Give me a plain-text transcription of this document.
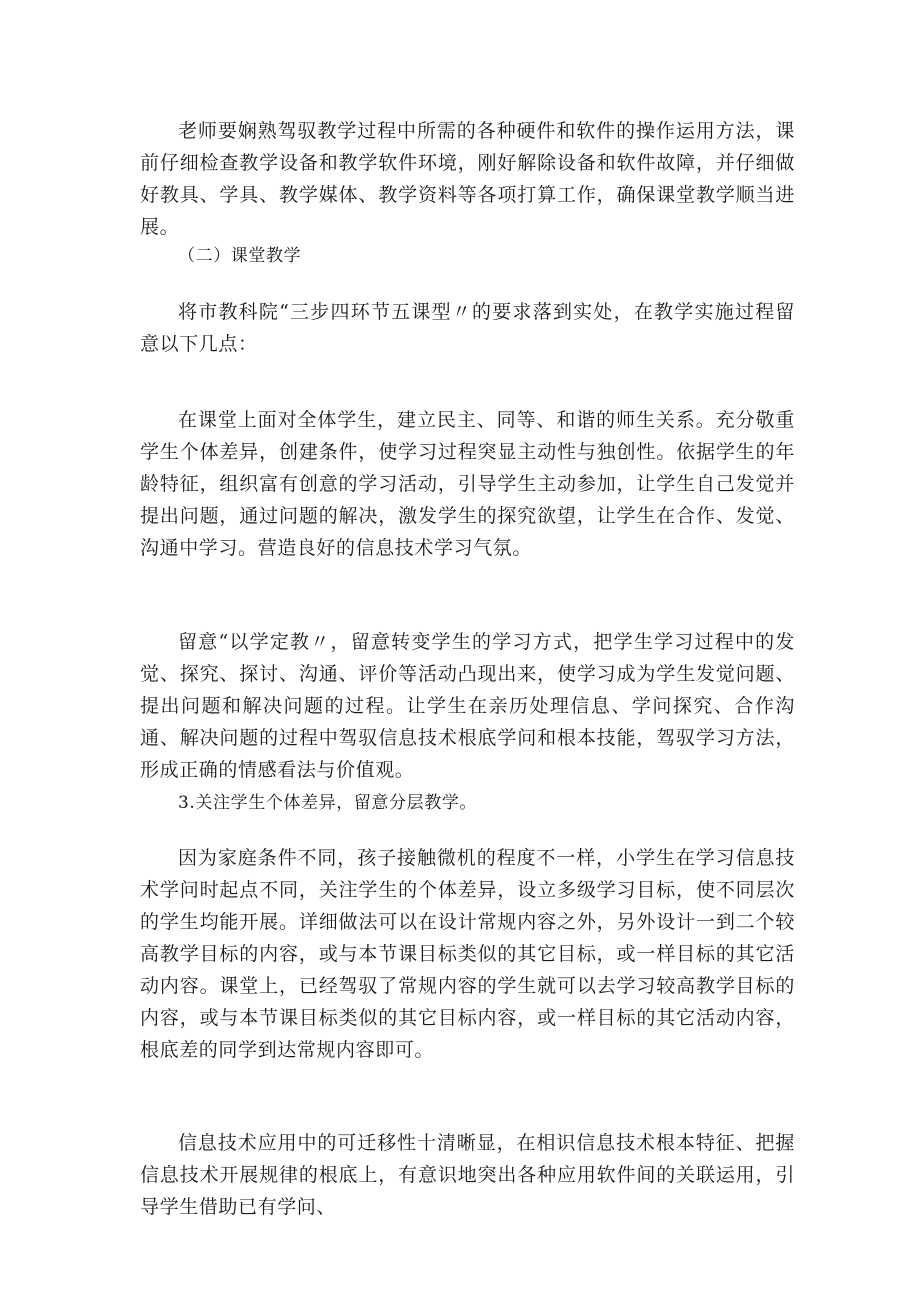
老师要娴熟驾驭教学过程中所需的各种硬件和软件的操作运用方法，课前仔细检查教学设备和教学软件环境，刚好解除设备和软件故障，并仔细做好教具、学具、教学媒体、教学资料等各项打算工作，确保课堂教学顺当进展。

（二）课堂教学

将市教科院“三步四环节五课型〃的要求落到实处，在教学实施过程留意以下几点：

在课堂上面对全体学生，建立民主、同等、和谐的师生关系。充分敬重学生个体差异，创建条件，使学习过程突显主动性与独创性。依据学生的年龄特征，组织富有创意的学习活动，引导学生主动参加，让学生自己发觉并提出问题，通过问题的解决，激发学生的探究欲望，让学生在合作、发觉、沟通中学习。营造良好的信息技术学习气氛。

留意“以学定教〃，留意转变学生的学习方式，把学生学习过程中的发觉、探究、探讨、沟通、评价等活动凸现出来，使学习成为学生发觉问题、提出问题和解决问题的过程。让学生在亲历处理信息、学问探究、合作沟通、解决问题的过程中驾驭信息技术根底学问和根本技能，驾驭学习方法，形成正确的情感看法与价值观。

3.关注学生个体差异，留意分层教学。

因为家庭条件不同，孩子接触微机的程度不一样，小学生在学习信息技术学问时起点不同，关注学生的个体差异，设立多级学习目标，使不同层次的学生均能开展。详细做法可以在设计常规内容之外，另外设计一到二个较高教学目标的内容，或与本节课目标类似的其它目标，或一样目标的其它活动内容。课堂上，已经驾驭了常规内容的学生就可以去学习较高教学目标的内容，或与本节课目标类似的其它目标内容，或一样目标的其它活动内容，根底差的同学到达常规内容即可。

信息技术应用中的可迁移性十清晰显，在相识信息技术根本特征、把握信息技术开展规律的根底上，有意识地突出各种应用软件间的关联运用，引导学生借助已有学问、
